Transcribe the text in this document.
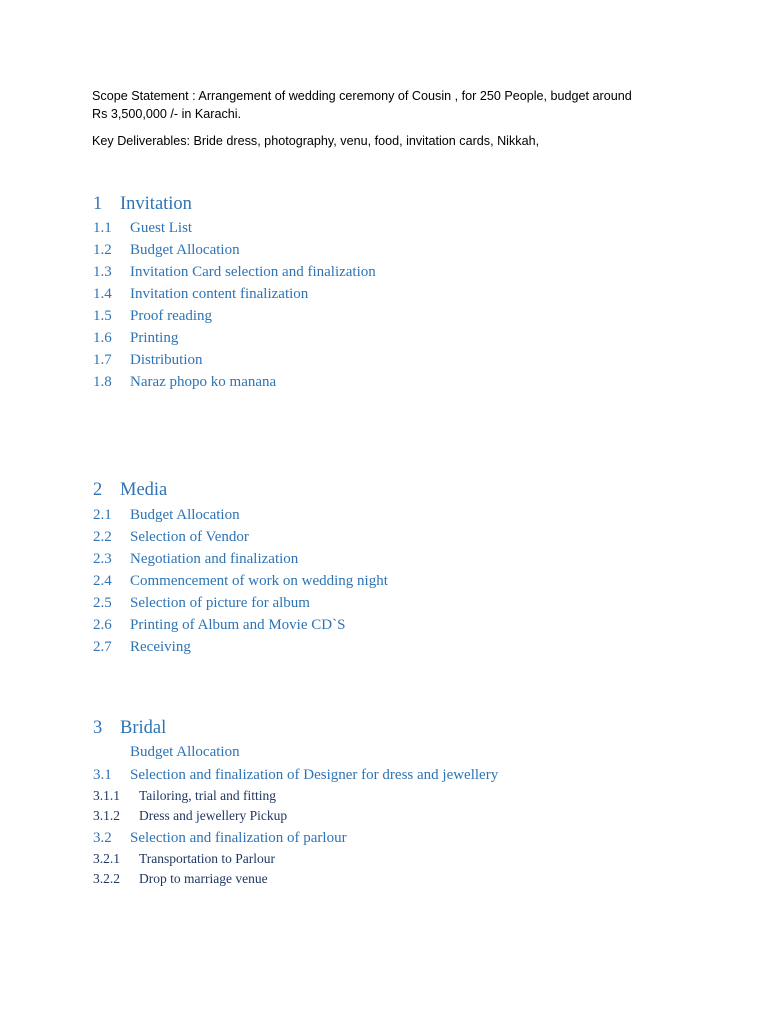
Scope Statement : Arrangement of wedding ceremony of Cousin , for 250 People, budget around
Rs 3,500,000 /- in Karachi.
Key Deliverables: Bride dress, photography, venu, food, invitation cards, Nikkah,
1 Invitation
1.1 Guest List
1.2 Budget Allocation
1.3 Invitation Card selection and finalization
1.4 Invitation content finalization
1.5 Proof reading
1.6 Printing
1.7 Distribution
1.8 Naraz phopo ko manana
2 Media
2.1 Budget Allocation
2.2 Selection of Vendor
2.3 Negotiation and finalization
2.4 Commencement of work on wedding night
2.5 Selection of picture for album
2.6 Printing of Album and Movie CD`S
2.7 Receiving
3 Bridal
Budget Allocation
3.1 Selection and finalization of Designer for dress and jewellery
3.1.1 Tailoring, trial and fitting
3.1.2 Dress and jewellery Pickup
3.2 Selection and finalization of parlour
3.2.1 Transportation to Parlour
3.2.2 Drop to marriage venue
